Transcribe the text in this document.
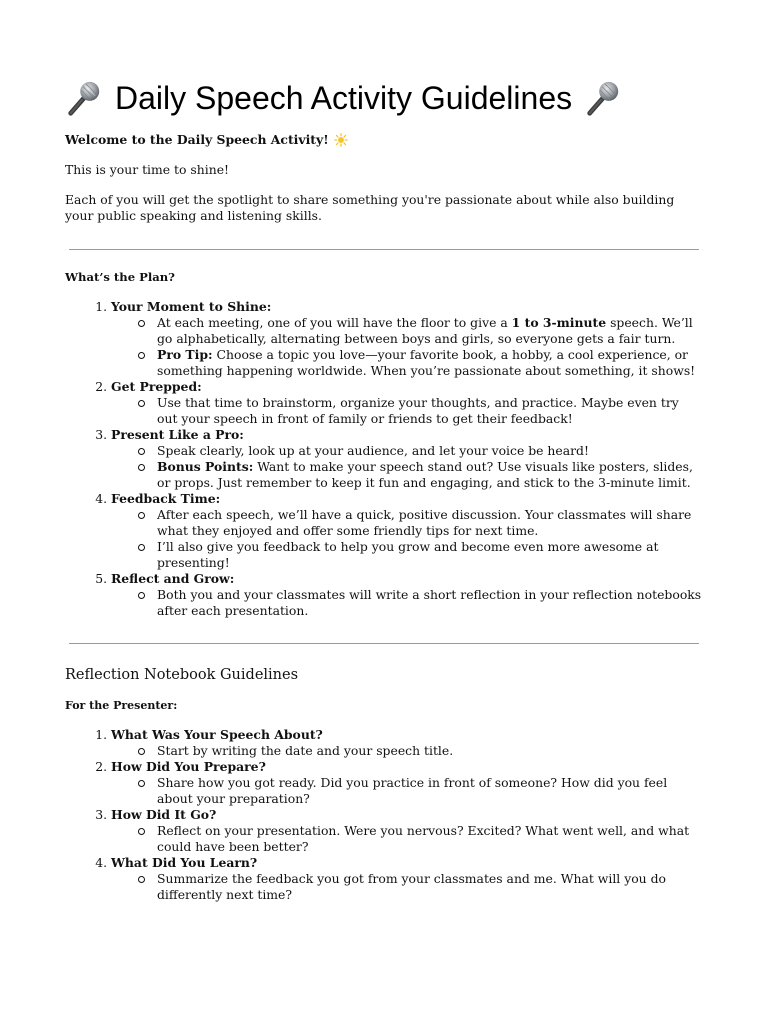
Daily Speech Activity Guidelines

Welcome to the Daily Speech Activity!

This is your time to shine!

Each of you will get the spotlight to share something you're passionate about while also building your public speaking and listening skills.

What’s the Plan?

1. Your Moment to Shine:
At each meeting, one of you will have the floor to give a 1 to 3-minute speech. We’ll go alphabetically, alternating between boys and girls, so everyone gets a fair turn.
Pro Tip: Choose a topic you love—your favorite book, a hobby, a cool experience, or something happening worldwide. When you’re passionate about something, it shows!
2. Get Prepped:
Use that time to brainstorm, organize your thoughts, and practice. Maybe even try out your speech in front of family or friends to get their feedback!
3. Present Like a Pro:
Speak clearly, look up at your audience, and let your voice be heard!
Bonus Points: Want to make your speech stand out? Use visuals like posters, slides, or props. Just remember to keep it fun and engaging, and stick to the 3-minute limit.
4. Feedback Time:
After each speech, we’ll have a quick, positive discussion. Your classmates will share what they enjoyed and offer some friendly tips for next time.
I’ll also give you feedback to help you grow and become even more awesome at presenting!
5. Reflect and Grow:
Both you and your classmates will write a short reflection in your reflection notebooks after each presentation.
Reflection Notebook Guidelines

For the Presenter:

1. What Was Your Speech About?
Start by writing the date and your speech title.
2. How Did You Prepare?
Share how you got ready. Did you practice in front of someone? How did you feel about your preparation?
3. How Did It Go?
Reflect on your presentation. Were you nervous? Excited? What went well, and what could have been better?
4. What Did You Learn?
Summarize the feedback you got from your classmates and me. What will you do differently next time?
